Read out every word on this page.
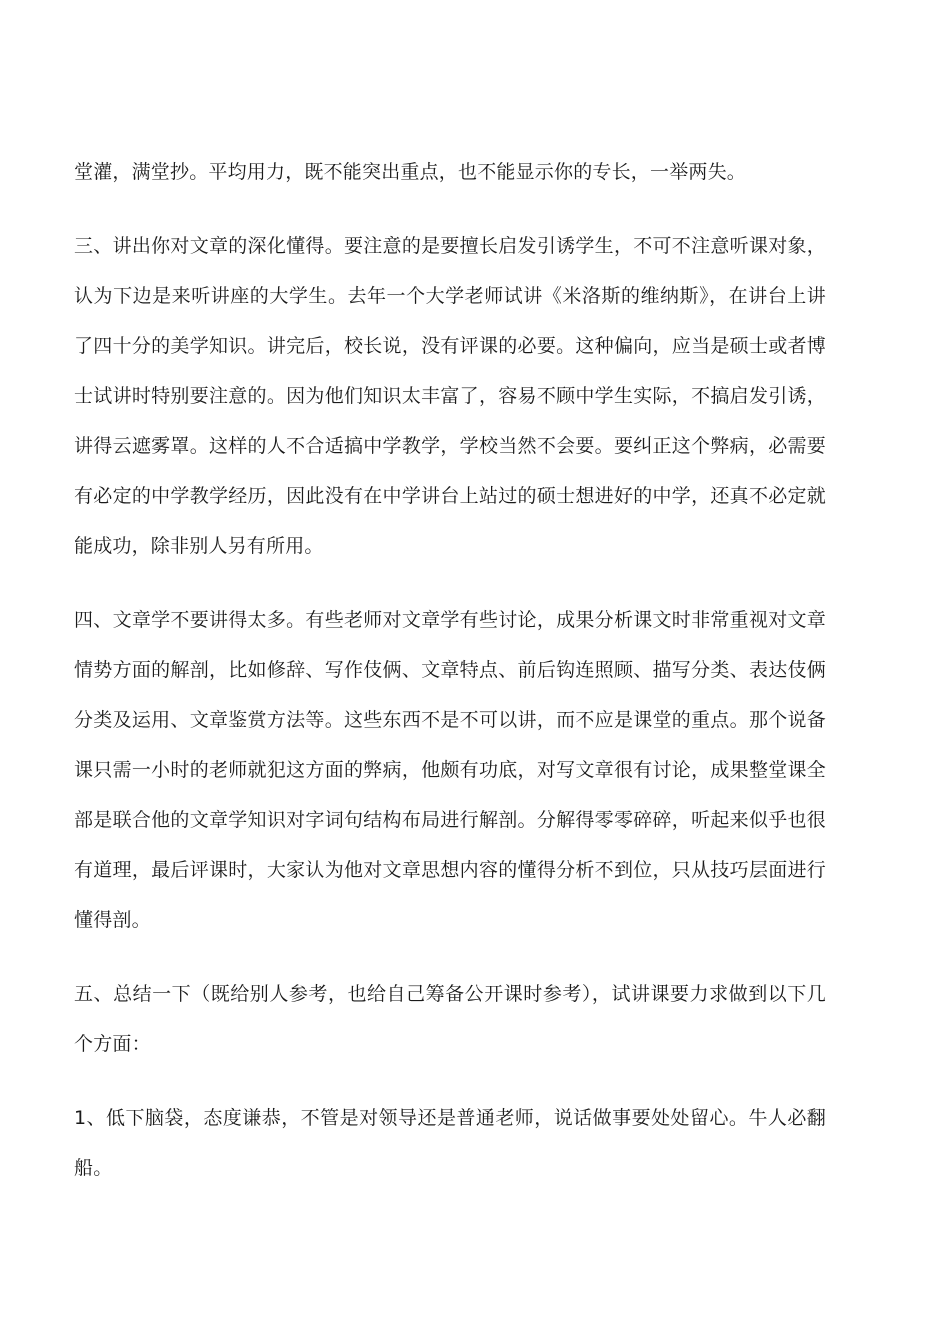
堂灌，满堂抄。平均用力，既不能突出重点，也不能显示你的专长，一举两失。

三、讲出你对文章的深化懂得。要注意的是要擅长启发引诱学生，不可不注意听课对象，认为下边是来听讲座的大学生。去年一个大学老师试讲《米洛斯的维纳斯》，在讲台上讲了四十分的美学知识。讲完后，校长说，没有评课的必要。这种偏向，应当是硕士或者博士试讲时特别要注意的。因为他们知识太丰富了，容易不顾中学生实际，不搞启发引诱，讲得云遮雾罩。这样的人不合适搞中学教学，学校当然不会要。要纠正这个弊病，必需要有必定的中学教学经历，因此没有在中学讲台上站过的硕士想进好的中学，还真不必定就能成功，除非别人另有所用。

四、文章学不要讲得太多。有些老师对文章学有些讨论，成果分析课文时非常重视对文章情势方面的解剖，比如修辞、写作伎俩、文章特点、前后钩连照顾、描写分类、表达伎俩分类及运用、文章鉴赏方法等。这些东西不是不可以讲，而不应是课堂的重点。那个说备课只需一小时的老师就犯这方面的弊病，他颇有功底，对写文章很有讨论，成果整堂课全部是联合他的文章学知识对字词句结构布局进行解剖。分解得零零碎碎，听起来似乎也很有道理，最后评课时，大家认为他对文章思想内容的懂得分析不到位，只从技巧层面进行懂得剖。

五、总结一下（既给别人参考，也给自己筹备公开课时参考），试讲课要力求做到以下几个方面：

1、低下脑袋，态度谦恭，不管是对领导还是普通老师，说话做事要处处留心。牛人必翻船。
